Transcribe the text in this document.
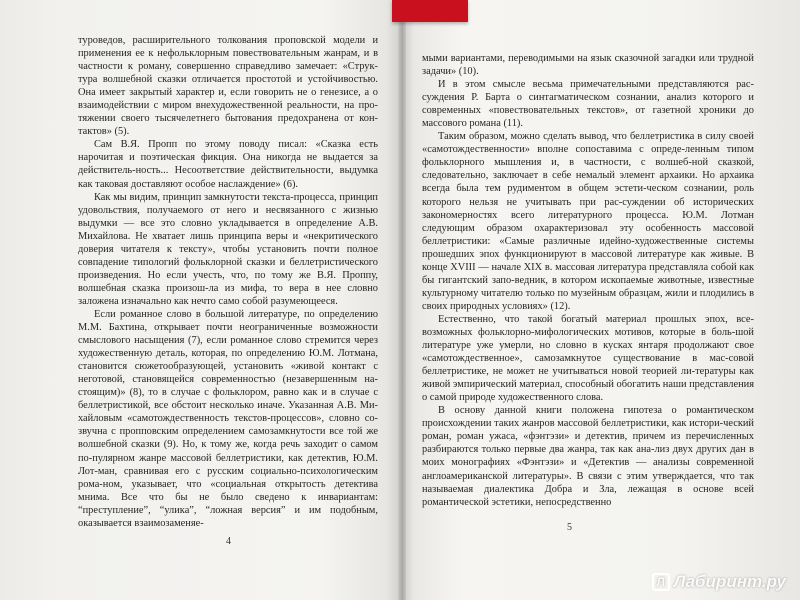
туроведов, расширительного толкования проповской модели и применения ее к нефольклорным повествовательным жанрам, и в частности к роману, совершенно справедливо замечает: «Струк-тура волшебной сказки отличается простотой и устойчивостью. Она имеет закрытый характер и, если говорить не о генезисе, а о взаимодействии с миром внехудожественной реальности, на про-тяжении своего тысячелетнего бытования предохранена от кон-тактов» (5).

Сам В.Я. Пропп по этому поводу писал: «Сказка есть нарочитая и поэтическая фикция. Она никогда не выдается за действитель-ность... Несоответствие действительности, выдумка как таковая доставляют особое наслаждение» (6).

Как мы видим, принцип замкнутости текста-процесса, принцип удовольствия, получаемого от него и несвязанного с жизнью выдумки — все это словно укладывается в определение А.В. Михайлова. Не хватает лишь принципа веры и «некритического доверия читателя к тексту», чтобы установить почти полное совпадение типологий фольклорной сказки и беллетристического произведения. Но если учесть, что, по тому же В.Я. Проппу, волшебная сказка произош-ла из мифа, то вера в нее словно заложена изначально как нечто само собой разумеющееся.

Если романное слово в большой литературе, по определению М.М. Бахтина, открывает почти неограниченные возможности смыслового насыщения (7), если романное слово стремится через художественную деталь, которая, по определению Ю.М. Лотмана, становится сюжетообразующей, установить «живой контакт с неготовой, становящейся современностью (незавершенным на-стоящим)» (8), то в случае с фольклором, равно как и в случае с беллетристикой, все обстоит несколько иначе. Указанная А.В. Ми-хайловым «самотождественность текстов-процессов», словно со-звучна с пропповским определением самозамкнутости все той же волшебной сказки (9). Но, к тому же, когда речь заходит о самом по-пулярном жанре массовой беллетристики, как детектив, Ю.М. Лот-ман, сравнивая его с русским социально-психологическим рома-ном, указывает, что «социальная открытость детектива мнима. Все что бы не было сведено к инвариантам: “преступление”, “улика”, “ложная версия” и им подобным, оказывается взаимозаменяе-

4

мыми вариантами, переводимыми на язык сказочной загадки или трудной задачи» (10).

И в этом смысле весьма примечательными представляются рас-суждения Р. Барта о синтагматическом сознании, анализ которого и современных «повествовательных текстов», от газетной хроники до массового романа (11).

Таким образом, можно сделать вывод, что беллетристика в силу своей «самотождественности» вполне сопоставима с опреде-ленным типом фольклорного мышления и, в частности, с волшеб-ной сказкой, следовательно, заключает в себе немалый элемент архаики. Но архаика всегда была тем рудиментом в общем эстети-ческом сознании, роль которого нельзя не учитывать при рас-суждении об исторических закономерностях всего литературного процесса. Ю.М. Лотман следующим образом охарактеризовал эту особенность массовой беллетристики: «Самые различные идейно-художественные системы прошедших эпох функционируют в массовой литературе как живые. В конце XVIII — начале XIX в. массовая литература представляла собой как бы гигантский запо-ведник, в котором ископаемые животные, известные культурному читателю только по музейным образцам, жили и плодились в своих природных условиях» (12).

Естественно, что такой богатый материал прошлых эпох, все-возможных фольклорно-мифологических мотивов, которые в боль-шой литературе уже умерли, но словно в кусках янтаря продолжают свое «самотождественное», самозамкнутое существование в мас-совой беллетристике, не может не учитываться новой теорией ли-тературы как живой эмпирический материал, способный обогатить наши представления о самой природе художественного слова.

В основу данной книги положена гипотеза о романтическом происхождении таких жанров массовой беллетристики, как истори-ческий роман, роман ужаса, «фэнтэзи» и детектив, причем из перечисленных разбираются только первые два жанра, так как ана-лиз двух других дан в моих монографиях «Фэнтэзи» и «Детектив — анализы современной англоамериканской литературы». В связи с этим утверждается, что так называемая диалектика Добра и Зла, лежащая в основе всей романтической эстетики, непосредственно

5
Л Лабиринт.ру
